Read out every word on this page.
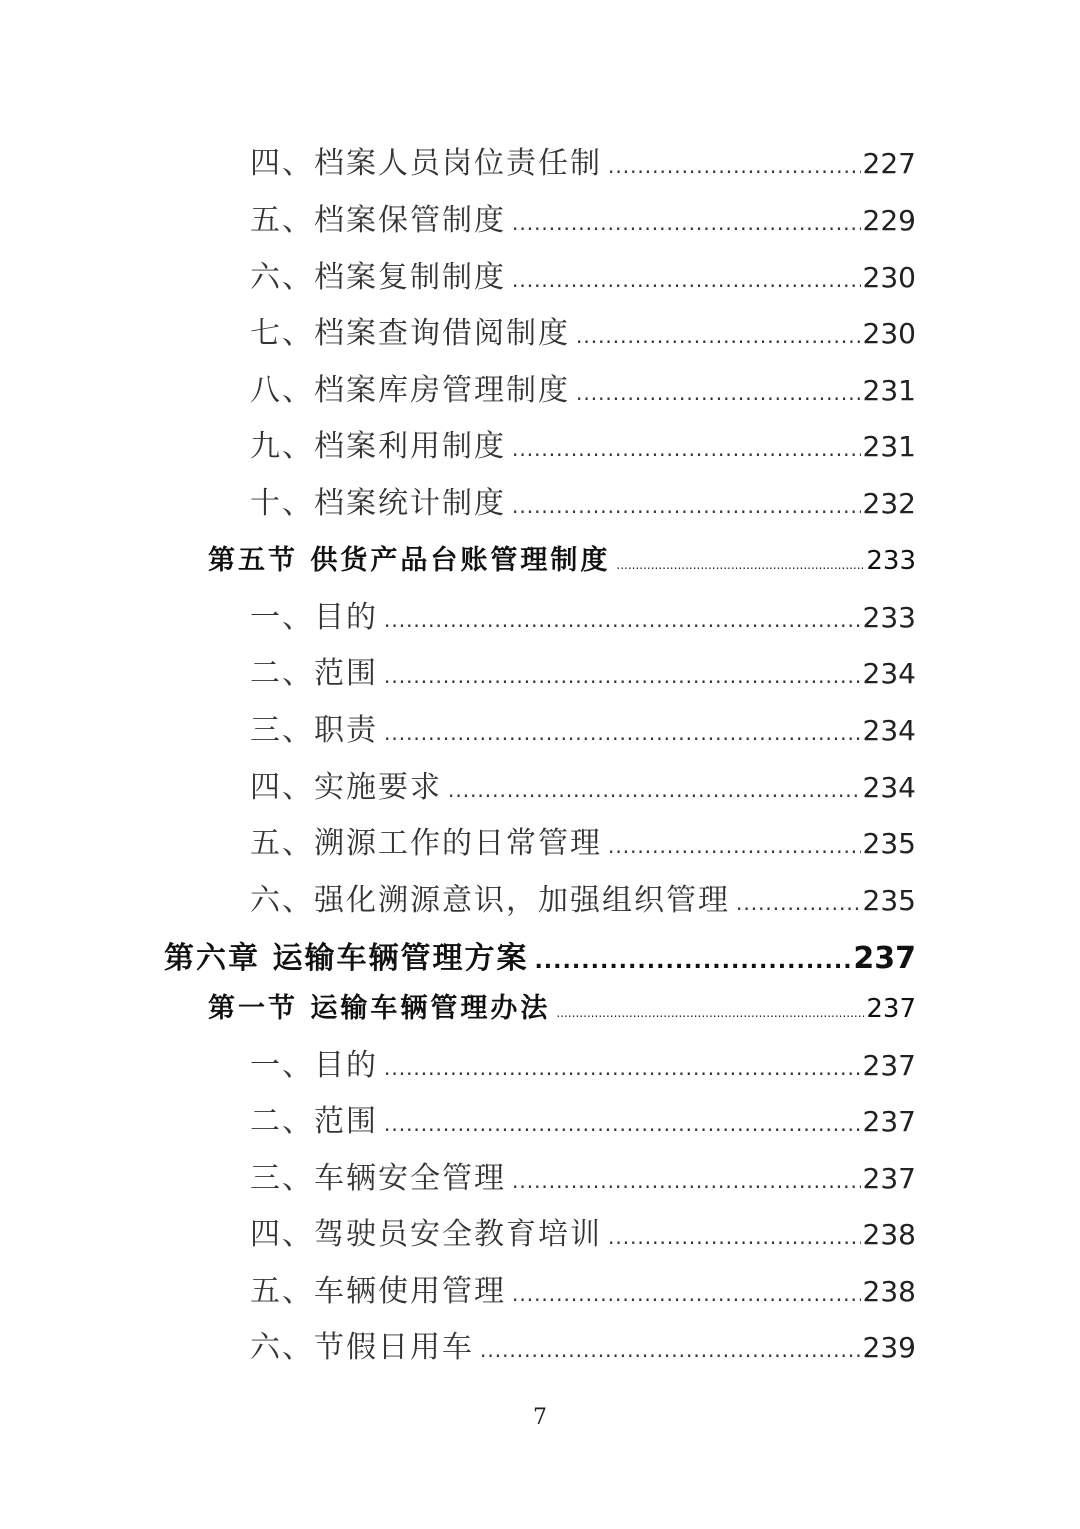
四、档案人员岗位责任制 .....	227
五、档案保管制度 .....	229
六、档案复制制度 .....	230
七、档案查询借阅制度 .....	230
八、档案库房管理制度 .....	231
九、档案利用制度 .....	231
十、档案统计制度 .....	232
第五节 供货产品台账管理制度 .....	233
一、目的 .....	233
二、范围 .....	234
三、职责 .....	234
四、实施要求 .....	234
五、溯源工作的日常管理 .....	235
六、强化溯源意识，加强组织管理 .....	235
第六章 运输车辆管理方案 .....	237
第一节 运输车辆管理办法 .....	237
一、目的 .....	237
二、范围 .....	237
三、车辆安全管理 .....	237
四、驾驶员安全教育培训 .....	238
五、车辆使用管理 .....	238
六、节假日用车 .....	239
7
